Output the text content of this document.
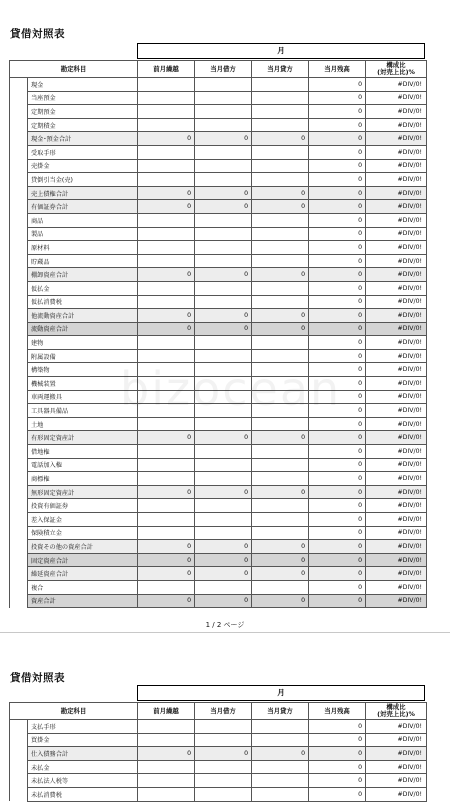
貸借対照表
月
勘定科目		前月繰越	当月借方	当月貸方	当月残高	構成比
(対売上比)%
	現金				0	#DIV/0!
	当座預金				0	#DIV/0!
	定期預金				0	#DIV/0!
	定期積金				0	#DIV/0!
	現金･預金合計	0	0	0	0	#DIV/0!
	受取手形				0	#DIV/0!
	売掛金				0	#DIV/0!
	貸倒引当金(売)				0	#DIV/0!
	売上債権合計	0	0	0	0	#DIV/0!
	有価証券合計	0	0	0	0	#DIV/0!
	商品				0	#DIV/0!
	製品				0	#DIV/0!
	原材料				0	#DIV/0!
	貯蔵品				0	#DIV/0!
	棚卸資産合計	0	0	0	0	#DIV/0!
	仮払金				0	#DIV/0!
	仮払消費税				0	#DIV/0!
	他流動資産合計	0	0	0	0	#DIV/0!
	流動資産合計	0	0	0	0	#DIV/0!
	建物				0	#DIV/0!
	附属設備				0	#DIV/0!
	構築物				0	#DIV/0!
	機械装置				0	#DIV/0!
	車両運搬具				0	#DIV/0!
	工具器具備品				0	#DIV/0!
	土地				0	#DIV/0!
	有形固定資産計	0	0	0	0	#DIV/0!
	借地権				0	#DIV/0!
	電話加入権				0	#DIV/0!
	商標権				0	#DIV/0!
	無形固定資産計	0	0	0	0	#DIV/0!
	投資有価証券				0	#DIV/0!
	差入保証金				0	#DIV/0!
	保険積立金				0	#DIV/0!
	投資その他の資産合計	0	0	0	0	#DIV/0!
	固定資産合計	0	0	0	0	#DIV/0!
	繰延資産合計	0	0	0	0	#DIV/0!
	複合				0	#DIV/0!
	資産合計	0	0	0	0	#DIV/0!
bizocean
1 / 2 ページ
貸借対照表
月
勘定科目		前月繰越	当月借方	当月貸方	当月残高	構成比
(対売上比)%
	支払手形				0	#DIV/0!
	買掛金				0	#DIV/0!
	仕入債務合計	0	0	0	0	#DIV/0!
	未払金				0	#DIV/0!
	未払法人税等				0	#DIV/0!
	未払消費税				0	#DIV/0!
